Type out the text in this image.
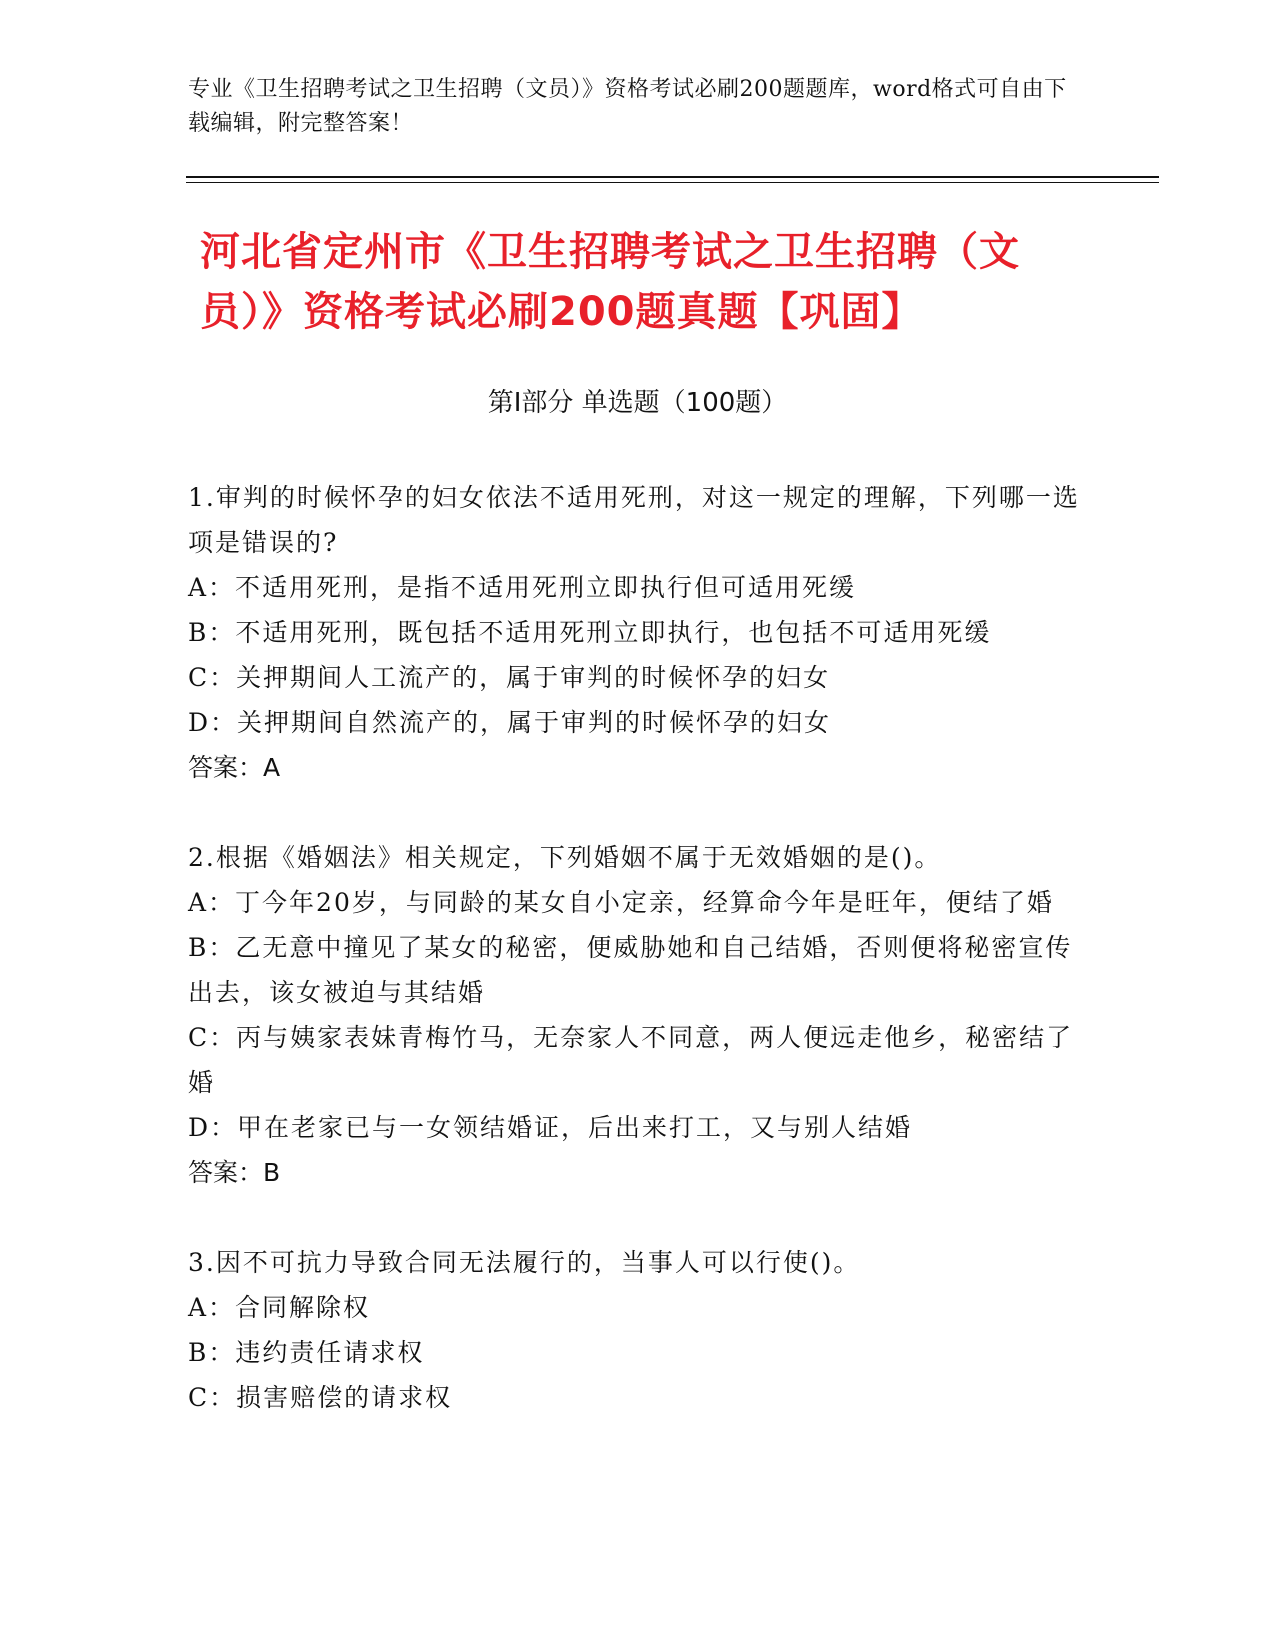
专业《卫生招聘考试之卫生招聘（文员）》资格考试必刷200题题库，word格式可自由下载编辑，附完整答案！
河北省定州市《卫生招聘考试之卫生招聘（文员）》资格考试必刷200题真题【巩固】
第I部分 单选题（100题）
1.审判的时候怀孕的妇女依法不适用死刑，对这一规定的理解，下列哪一选项是错误的?
A：不适用死刑，是指不适用死刑立即执行但可适用死缓
B：不适用死刑，既包括不适用死刑立即执行，也包括不可适用死缓
C：关押期间人工流产的，属于审判的时候怀孕的妇女
D：关押期间自然流产的，属于审判的时候怀孕的妇女
答案：A
2.根据《婚姻法》相关规定，下列婚姻不属于无效婚姻的是()。
A：丁今年20岁，与同龄的某女自小定亲，经算命今年是旺年，便结了婚
B：乙无意中撞见了某女的秘密，便威胁她和自己结婚，否则便将秘密宣传出去，该女被迫与其结婚
C：丙与姨家表妹青梅竹马，无奈家人不同意，两人便远走他乡，秘密结了婚
D：甲在老家已与一女领结婚证，后出来打工，又与别人结婚
答案：B
3.因不可抗力导致合同无法履行的，当事人可以行使()。
A：合同解除权
B：违约责任请求权
C：损害赔偿的请求权
